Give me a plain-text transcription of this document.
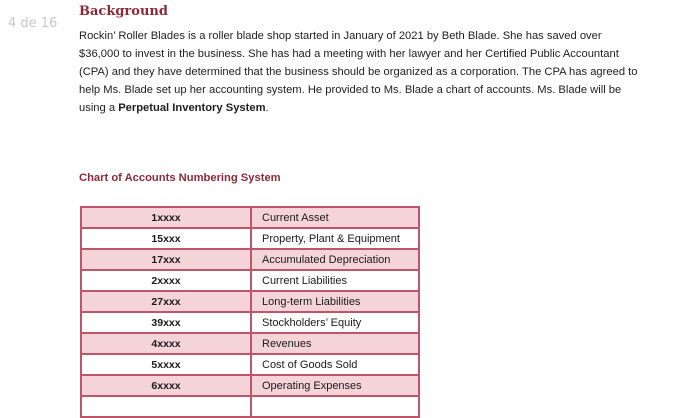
4 de 16
Background
Rockin’ Roller Blades is a roller blade shop started in January of 2021 by Beth Blade. She has saved over $36,000 to invest in the business. She has had a meeting with her lawyer and her Certified Public Accountant (CPA) and they have determined that the business should be organized as a corporation. The CPA has agreed to help Ms. Blade set up her accounting system. He provided to Ms. Blade a chart of accounts. Ms. Blade will be using a Perpetual Inventory System.
Chart of Accounts Numbering System
1xxxx	Current Asset
15xxx	Property, Plant & Equipment
17xxx	Accumulated Depreciation
2xxxx	Current Liabilities
27xxx	Long-term Liabilities
39xxx	Stockholders’ Equity
4xxxx	Revenues
5xxxx	Cost of Goods Sold
6xxxx	Operating Expenses
